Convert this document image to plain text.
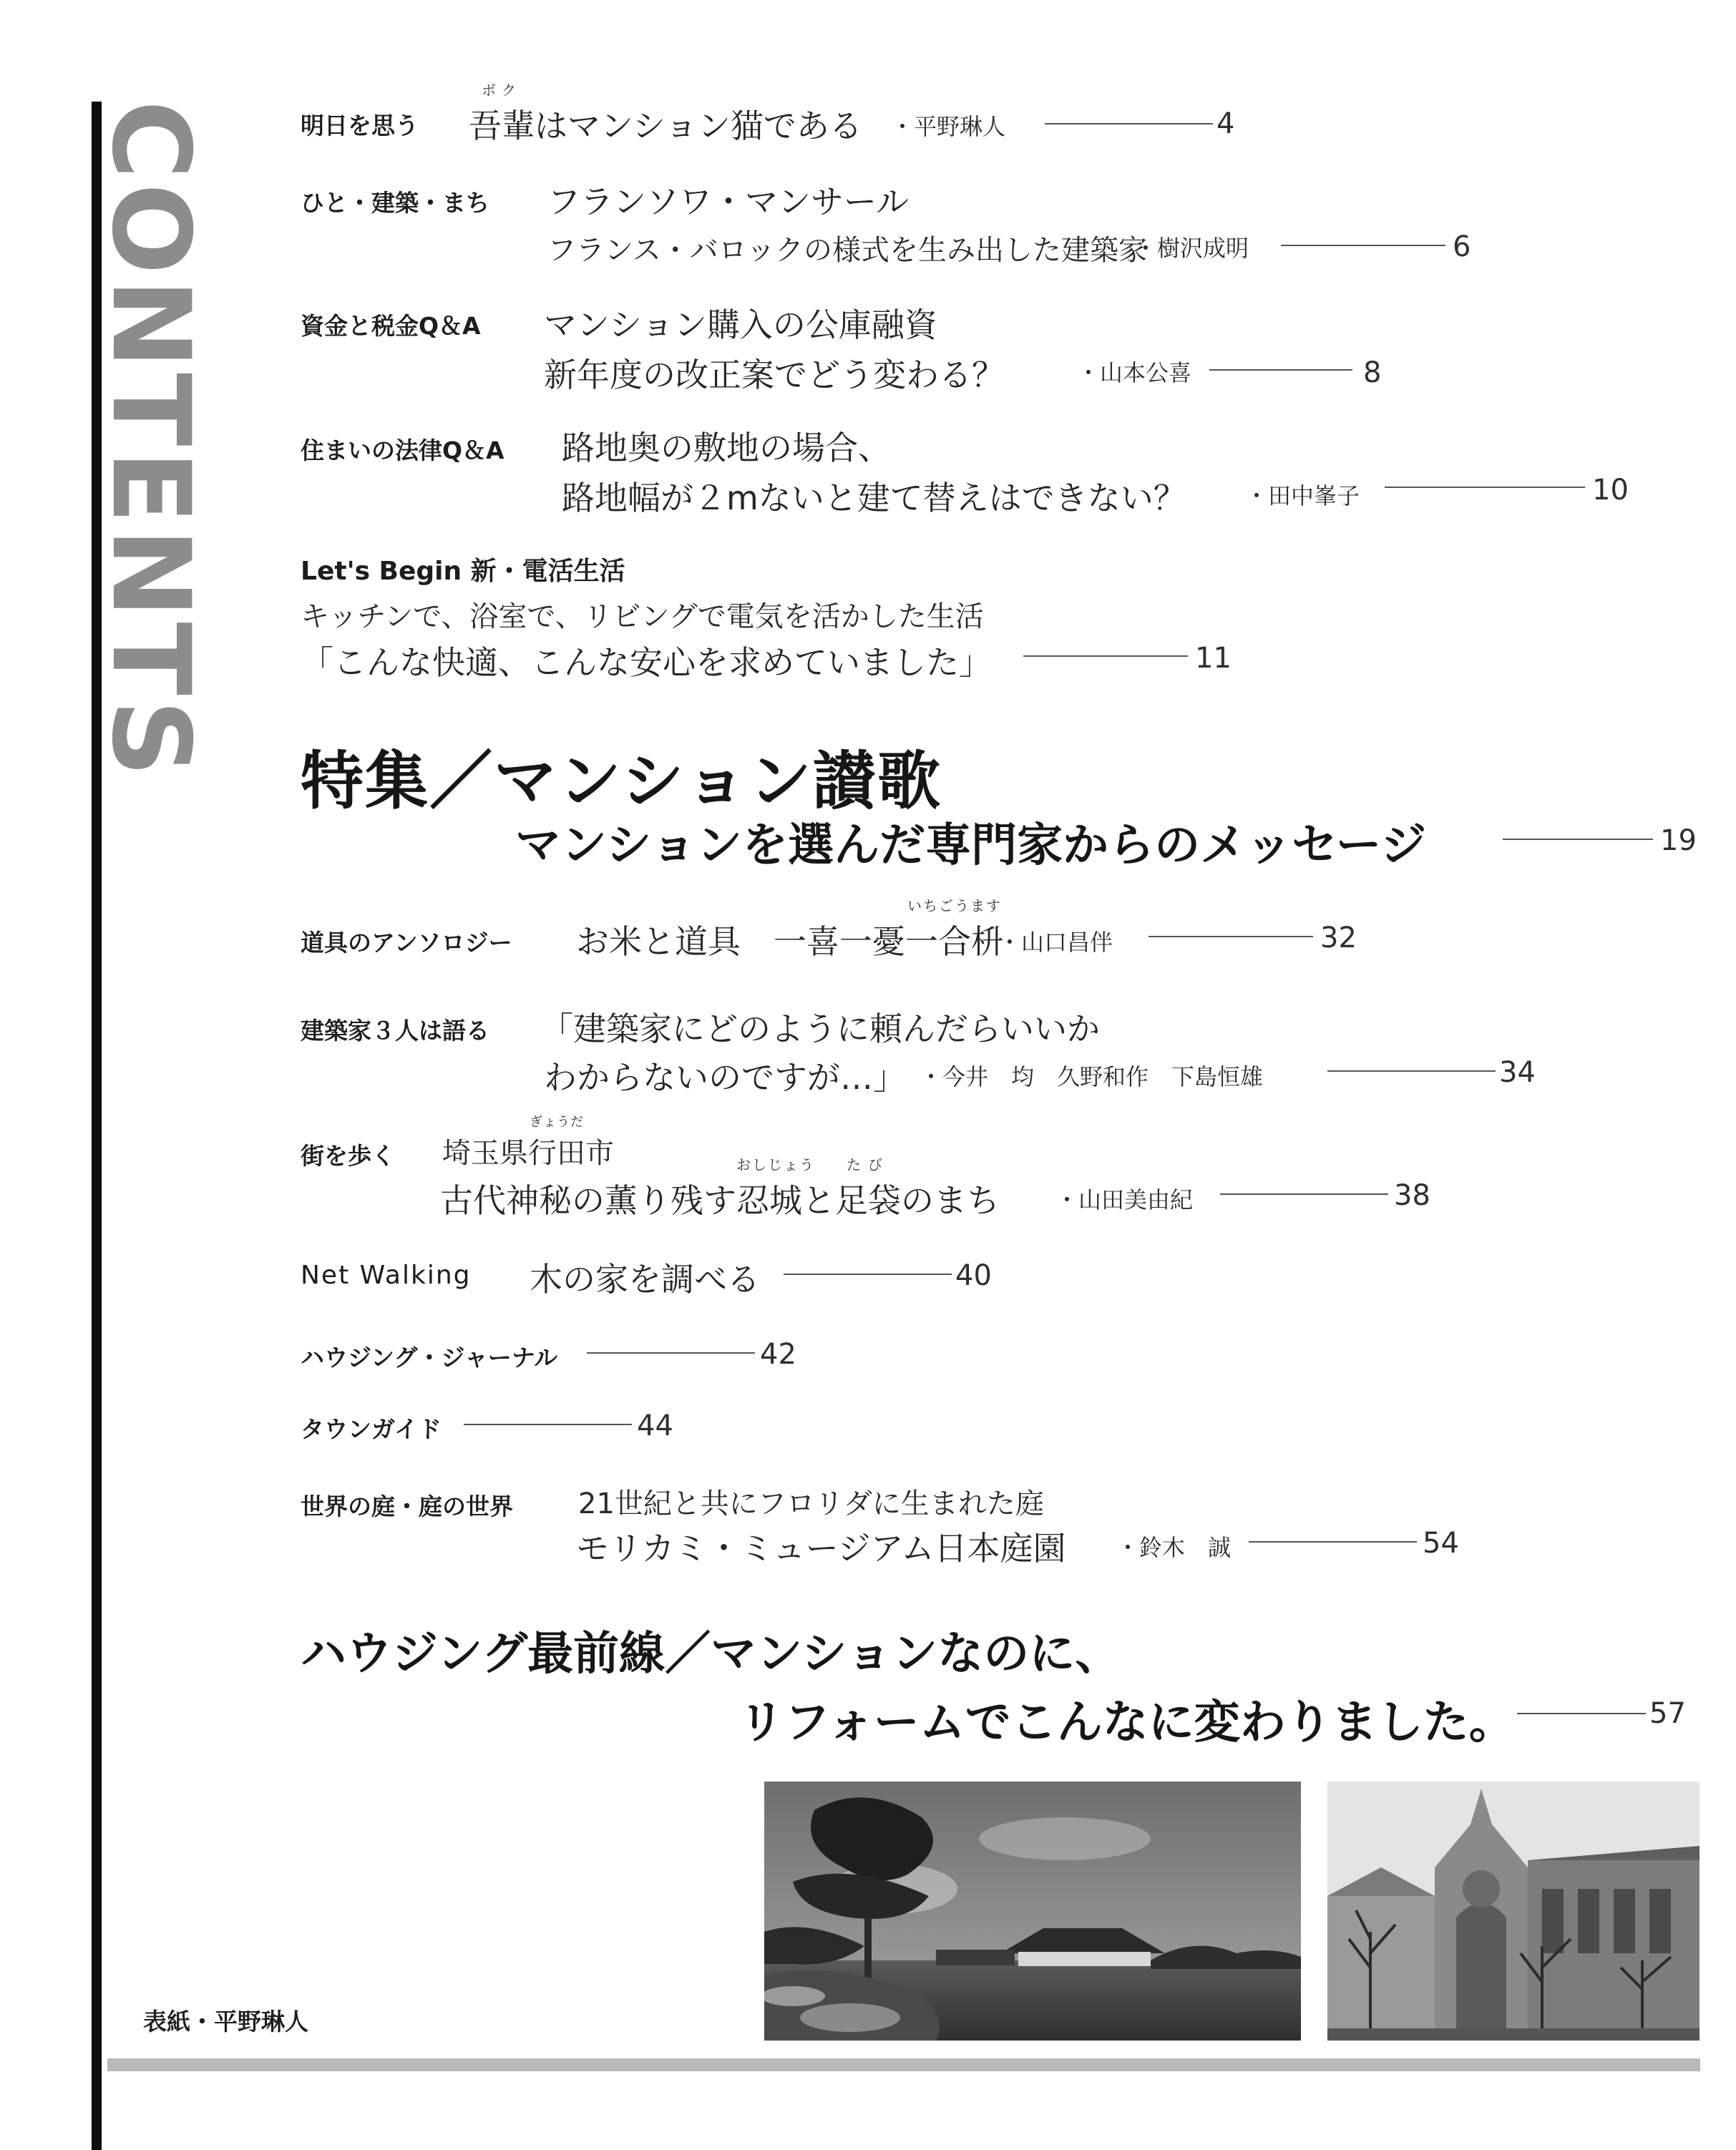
CONTENTS	明日を思う
ボク
吾輩はマンション猫である ・平野琳人	4
ひと・建築・まち フランソワ・マンサール
フランス・バロックの様式を生み出した建築家
・樹沢成明	6
資金と税金Q＆A マンション購入の公庫融資
新年度の改正案でどう変わる？	・山本公喜	8
住まいの法律Q＆A 路地奥の敷地の場合、
路地幅が２mないと建て替えはできない？	・田中峯子	10
Let's Begin 新・電活生活
キッチンで、浴室で、リビングで電気を活かした生活
「こんな快適、こんな安心を求めていました」	11
特集／マンション讃歌
マンションを選んだ専門家からのメッセージ	19
道具のアンソロジー お米と道具　一喜一憂
いちごうます
一合枡
・山口昌伴	32
建築家３人は語る 「建築家にどのように頼んだらいいか
わからないのですが…」 ・今井　均　久野和作　下島恒雄	34
街を歩く 埼玉県
ぎょうだ
行田市
古代神秘の薫り残す
おしじょう
忍城と
たび
足袋のまち ・山田美由紀	38
Net Walking 木の家を調べる	40
ハウジング・ジャーナル	42
タウンガイド	44
世界の庭・庭の世界 21世紀と共にフロリダに生まれた庭
モリカミ・ミュージアム日本庭園 ・鈴木　誠	54
ハウジング最前線／マンションなのに、
リフォームでこんなに変わりました。	57
表紙・平野琳人
